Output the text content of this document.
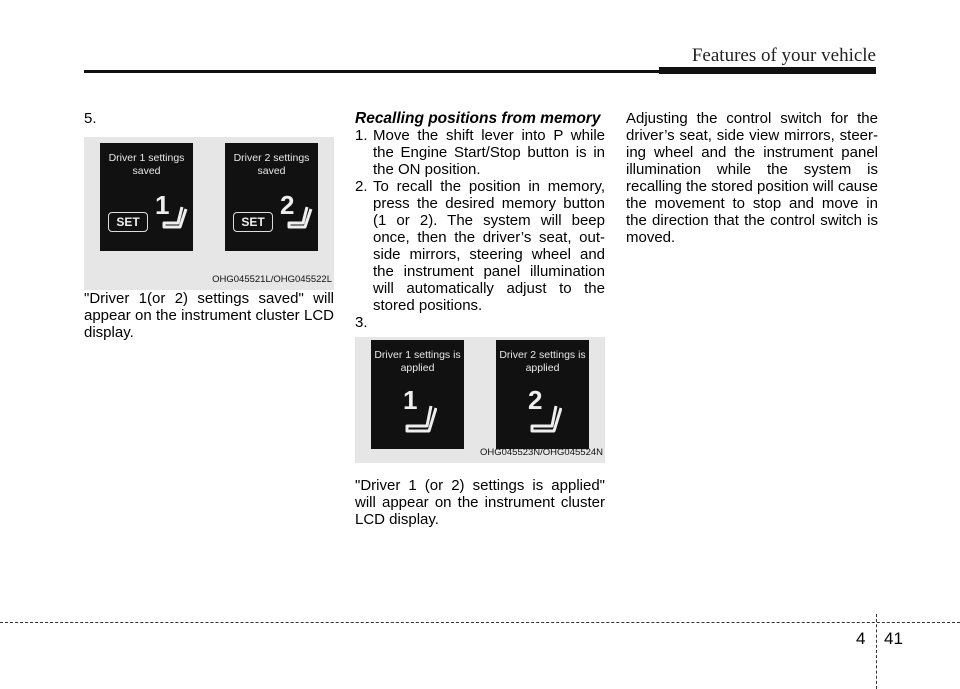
Features of your vehicle

5.

Driver 1 settings
saved
SET
1
Driver 2 settings
saved
SET
2
OHG045521L/OHG045522L

"Driver 1(or 2) settings saved" will appear on the instrument cluster LCD display.

Recalling positions from memory

1. Move the shift lever into P while the Engine Start/Stop button is in the ON position.
2. To recall the position in memory, press the desired memory button (1 or 2). The system will beep once, then the driver’s seat, out-side mirrors, steering wheel and the instrument panel illumination will automatically adjust to the stored positions.

3.

Driver 1 settings is
applied
1
Driver 2 settings is
applied
2
OHG045523N/OHG045524N

"Driver 1 (or 2) settings is applied" will appear on the instrument cluster LCD display.

Adjusting the control switch for the driver’s seat, side view mirrors, steer-ing wheel and the instrument panel illumination while the system is recalling the stored position will cause the movement to stop and move in the direction that the control switch is moved.

4 41
